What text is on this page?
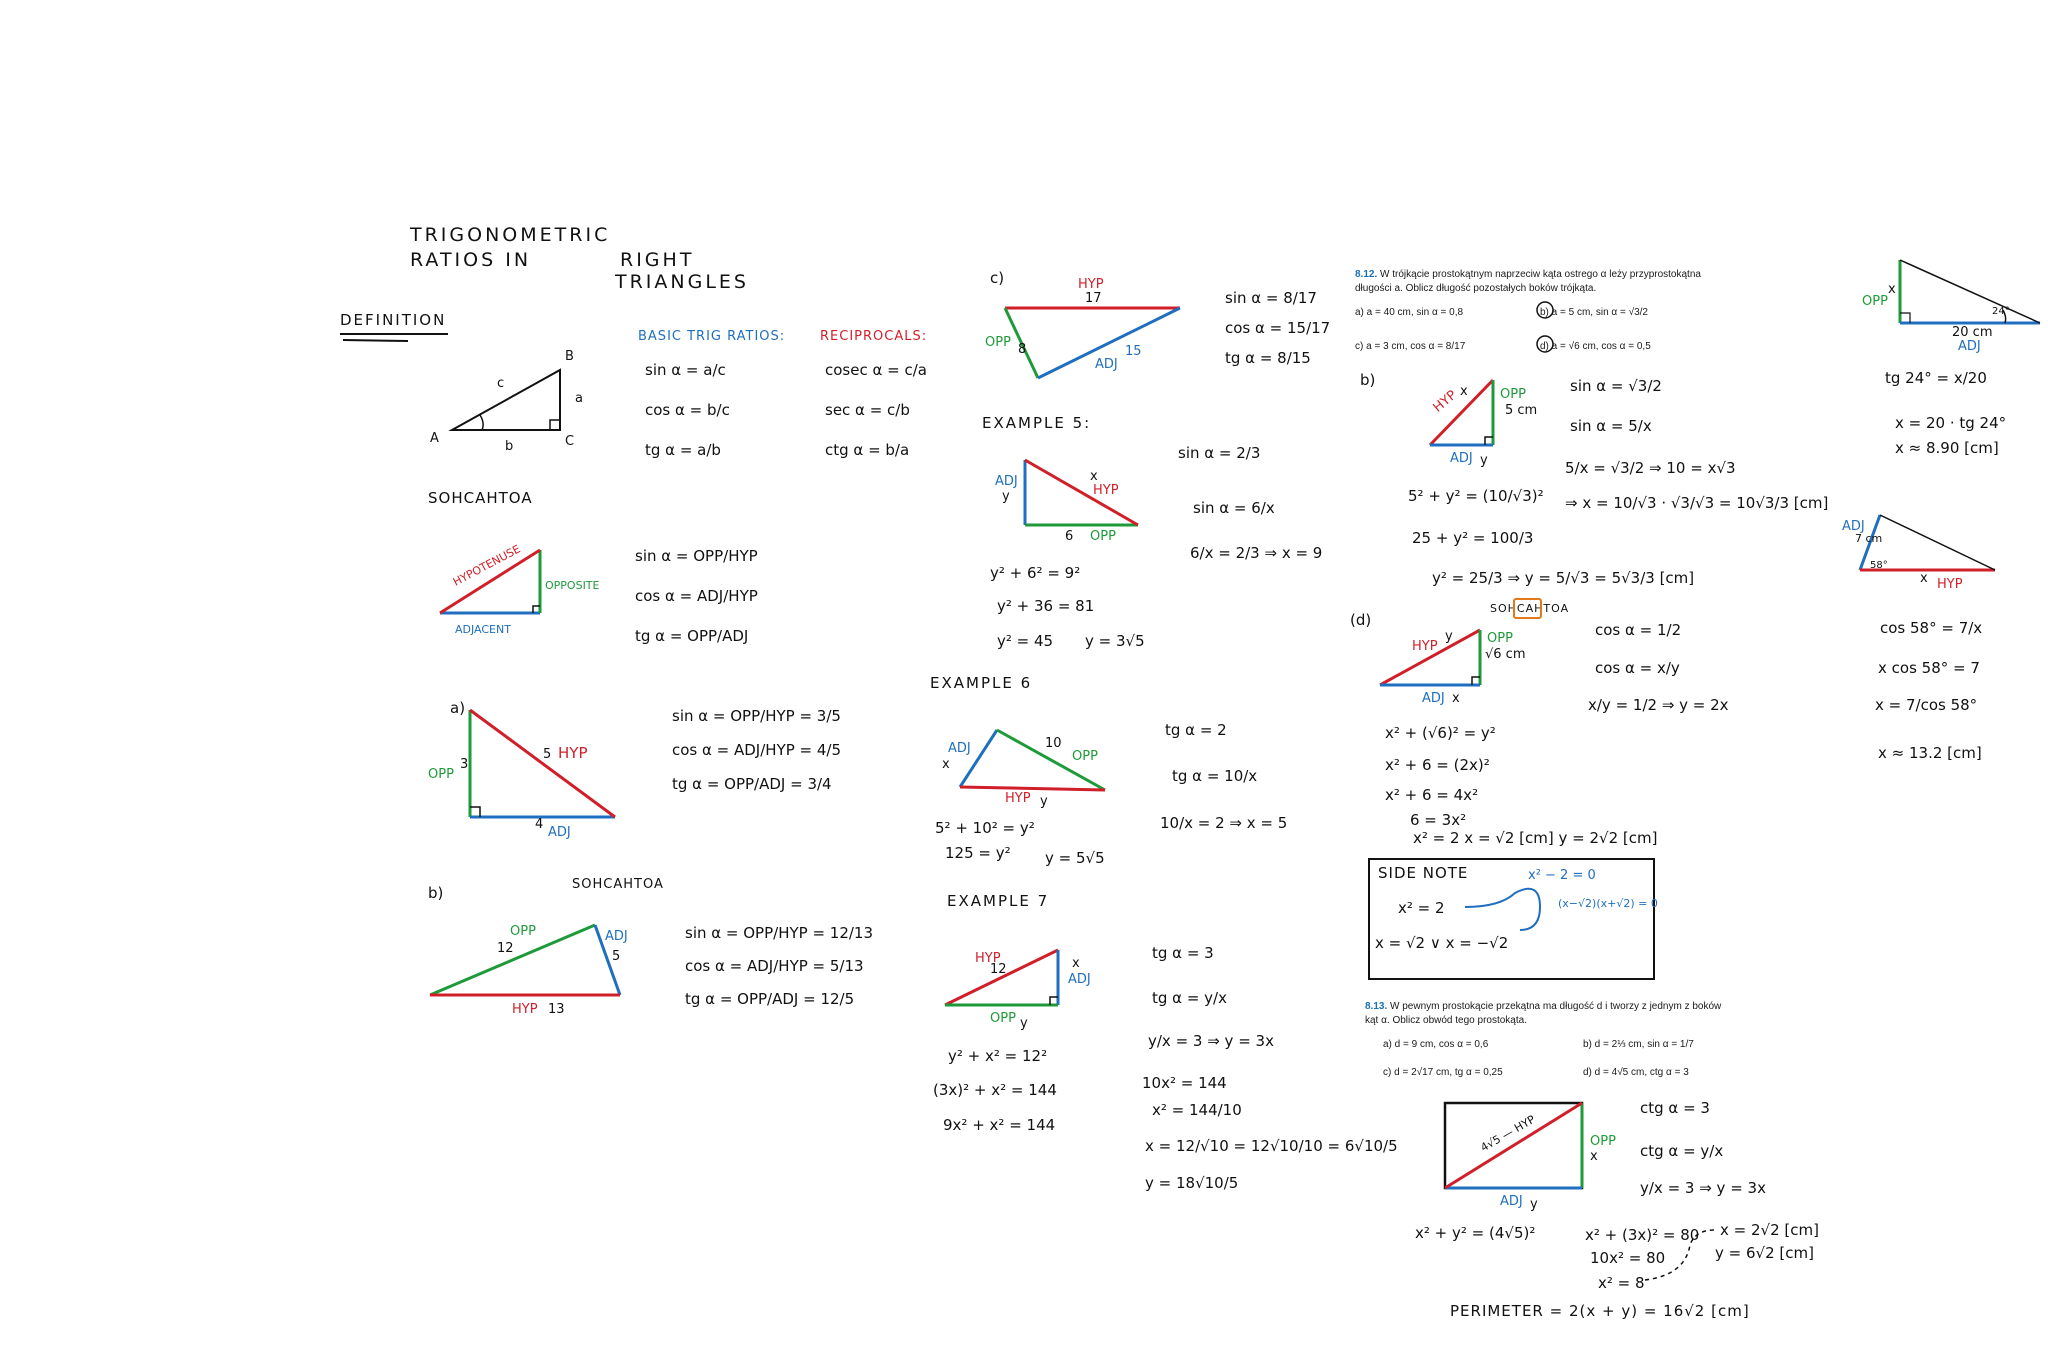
TRIGONOMETRIC
RATIOS IN	RIGHT
TRIANGLES
DEFINITION
A
B
C
a
b
c
BASIC TRIG RATIOS:
sin α = a/c
cos α = b/c
tg α = a/b
RECIPROCALS:
cosec α = c/a
sec α = c/b
ctg α = b/a
SOHCAHTOA
HYPOTENUSE OPPOSITE
ADJACENT
sin α = OPP/HYP
cos α = ADJ/HYP
tg α = OPP/ADJ
a)
3
OPP
5 HYP
4
ADJ
sin α = OPP/HYP = 3/5
cos α = ADJ/HYP = 4/5
tg α = OPP/ADJ = 3/4
b)	SOHCAHTOA
12
OPP	ADJ
5
HYP 13
sin α = OPP/HYP = 12/13
cos α = ADJ/HYP = 5/13
tg α = OPP/ADJ = 12/5
c)	HYP
17
OPP 8
ADJ
15
sin α = 8/17
cos α = 15/17
tg α = 8/15
EXAMPLE 5:
ADJ
y
x
HYP
6 OPP
y² + 6² = 9²
y² + 36 = 81
y² = 45 y = 3√5
sin α = 2/3
sin α = 6/x
6/x = 2/3 ⇒ x = 9
EXAMPLE 6
ADJ
x
10
OPP
HYP y
5² + 10² = y²
125 = y² y = 5√5
tg α = 2
tg α = 10/x
10/x = 2 ⇒ x = 5
EXAMPLE 7
HYP
12	x
ADJ
OPP y
y² + x² = 12²
(3x)² + x² = 144
9x² + x² = 144
tg α = 3
tg α = y/x
y/x = 3 ⇒ y = 3x
10x² = 144
x² = 144/10
x = 12/√10 = 12√10/10 = 6√10/5
y = 18√10/5
8.12. W trójkącie prostokątnym naprzeciw kąta ostrego α leży przyprostokątna
długości a. Oblicz długość pozostałych boków trójkąta.
a) a = 40 cm, sin α = 0,8	b) a = 5 cm, sin α = √3/2
c) a = 3 cm, cos α = 8/17	d) a = √6 cm, cos α = 0,5
b)
HYP x OPP
5 cm
ADJ y
5² + y² = (10/√3)²
25 + y² = 100/3
y² = 25/3 ⇒ y = 5/√3 = 5√3/3 [cm]
sin α = √3/2
sin α = 5/x
5/x = √3/2 ⇒ 10 = x√3
⇒ x = 10/√3 · √3/√3 = 10√3/3 [cm]
SOHCAHTOA
(d)
HYP
y	OPP
√6 cm
ADJ x
cos α = 1/2
cos α = x/y
x/y = 1/2 ⇒ y = 2x
x² + (√6)² = y²
x² + 6 = (2x)²
x² + 6 = 4x²
6 = 3x²
x² = 2 x = √2 [cm] y = 2√2 [cm]
SIDE NOTE
x² = 2
x = √2 ∨ x = −√2
x² − 2 = 0
(x−√2)(x+√2) = 0
8.13. W pewnym prostokącie przekątna ma długość d i tworzy z jednym z boków
kąt α. Oblicz obwód tego prostokąta.
a) d = 9 cm, cos α = 0,6	b) d = 2⅓ cm, sin α = 1/7
c) d = 2√17 cm, tg α = 0,25	d) d = 4√5 cm, ctg α = 3
4√5 — HYP	OPP
x
ADJ y
ctg α = 3
ctg α = y/x
y/x = 3 ⇒ y = 3x
x² + y² = (4√5)²	x² + (3x)² = 80
10x² = 80
x² = 8
x = 2√2 [cm]
y = 6√2 [cm]
PERIMETER = 2(x + y) = 16√2 [cm]
OPP
x
24°
20 cm
ADJ
tg 24° = x/20
x = 20 · tg 24°
x ≈ 8.90 [cm]
ADJ
7 cm
58°
x HYP
cos 58° = 7/x
x cos 58° = 7
x = 7/cos 58°
x ≈ 13.2 [cm]
